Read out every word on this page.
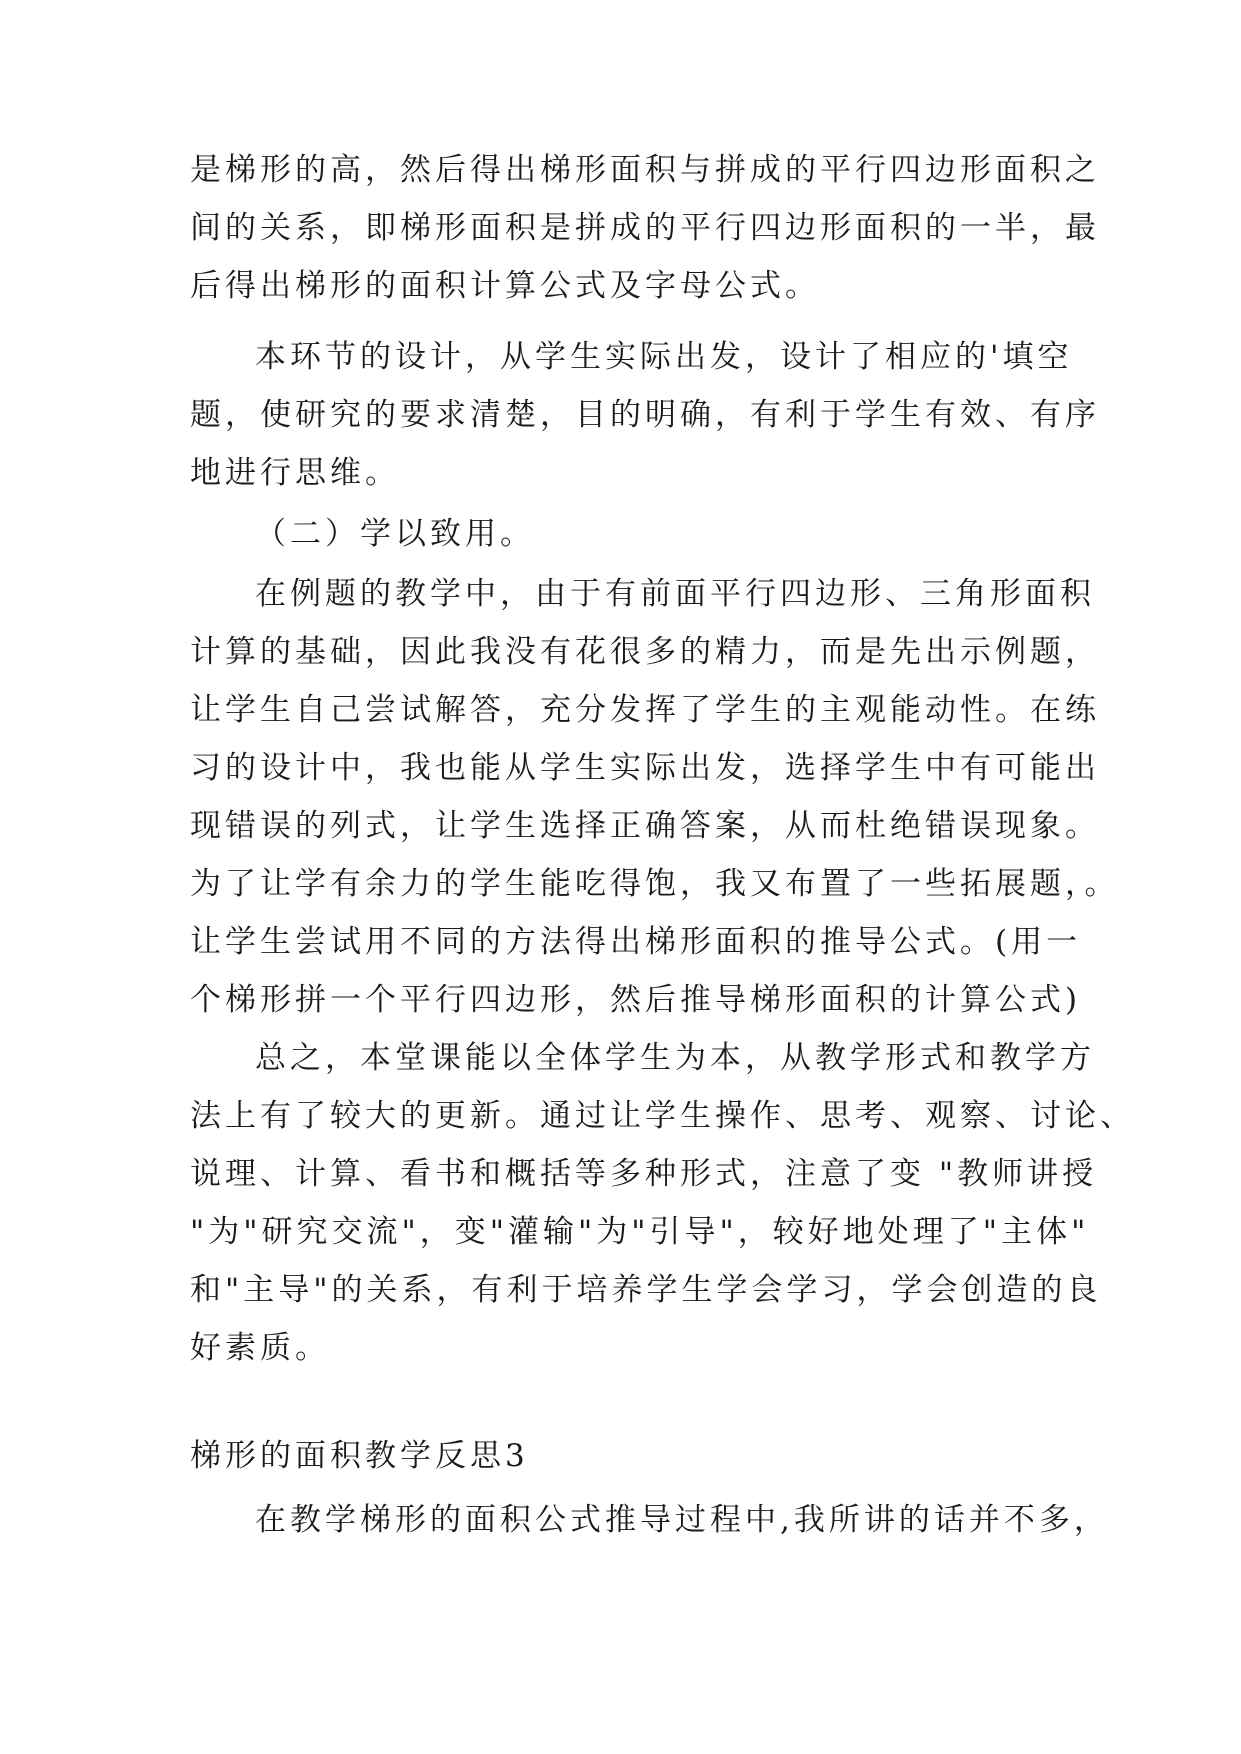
是梯形的高，然后得出梯形面积与拼成的平行四边形面积之
间的关系，即梯形面积是拼成的平行四边形面积的一半，最
后得出梯形的面积计算公式及字母公式。
本环节的设计，从学生实际出发，设计了相应的'填空
题，使研究的要求清楚，目的明确，有利于学生有效、有序
地进行思维。
（二）学以致用。
在例题的教学中，由于有前面平行四边形、三角形面积
计算的基础，因此我没有花很多的精力，而是先出示例题，
让学生自己尝试解答，充分发挥了学生的主观能动性。在练
习的设计中，我也能从学生实际出发，选择学生中有可能出
现错误的列式，让学生选择正确答案，从而杜绝错误现象。
为了让学有余力的学生能吃得饱，我又布置了一些拓展题，。
让学生尝试用不同的方法得出梯形面积的推导公式。(用一
个梯形拼一个平行四边形，然后推导梯形面积的计算公式)
总之，本堂课能以全体学生为本，从教学形式和教学方
法上有了较大的更新。通过让学生操作、思考、观察、讨论、
说理、计算、看书和概括等多种形式，注意了变 "教师讲授
"为"研究交流"，变"灌输"为"引导"，较好地处理了"主体"
和"主导"的关系，有利于培养学生学会学习，学会创造的良
好素质。
梯形的面积教学反思3
在教学梯形的面积公式推导过程中,我所讲的话并不多，
